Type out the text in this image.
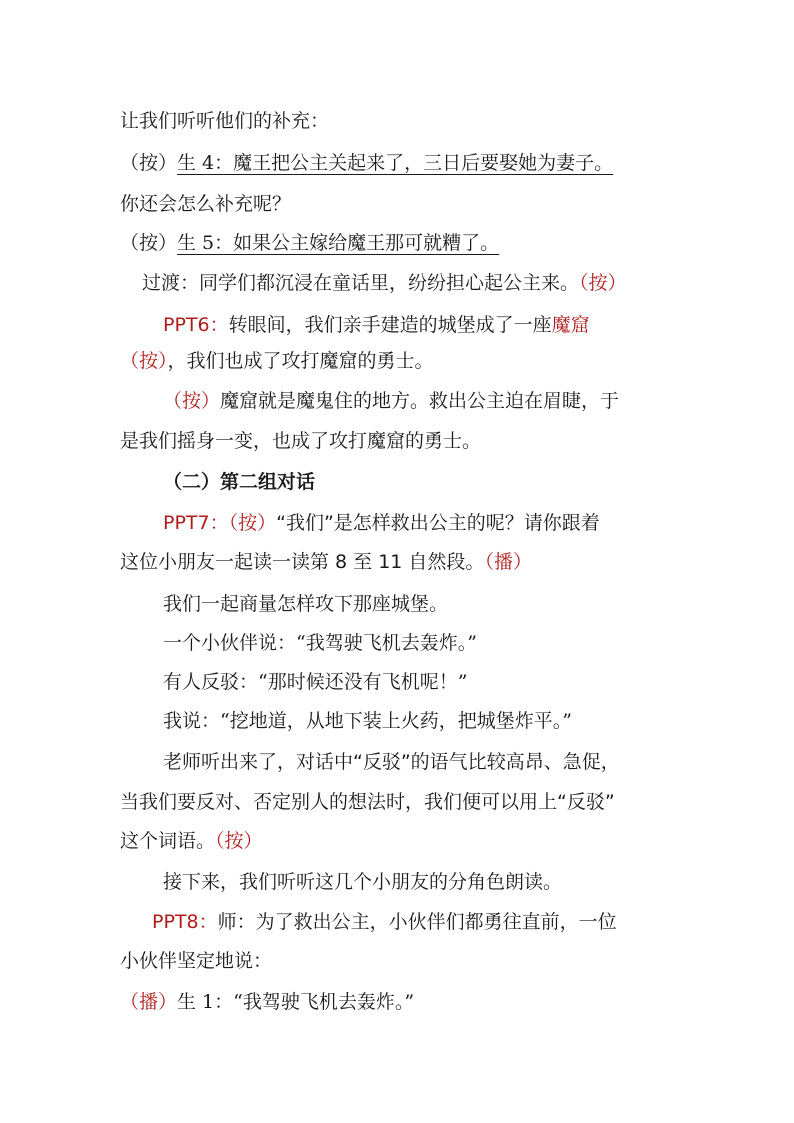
让我们听听他们的补充：
（按）生 4：魔王把公主关起来了，三日后要娶她为妻子。
你还会怎么补充呢？
（按）生 5：如果公主嫁给魔王那可就糟了。
过渡：同学们都沉浸在童话里，纷纷担心起公主来。（按）
PPT6：转眼间，我们亲手建造的城堡成了一座魔窟
（按），我们也成了攻打魔窟的勇士。
（按）魔窟就是魔鬼住的地方。救出公主迫在眉睫，于
是我们摇身一变，也成了攻打魔窟的勇士。
（二）第二组对话
PPT7：（按）“我们”是怎样救出公主的呢？请你跟着
这位小朋友一起读一读第 8 至 11 自然段。（播）
我们一起商量怎样攻下那座城堡。
一个小伙伴说：“我驾驶飞机去轰炸。”
有人反驳：“那时候还没有飞机呢！”
我说：“挖地道，从地下装上火药，把城堡炸平。”
老师听出来了，对话中“反驳”的语气比较高昂、急促，
当我们要反对、否定别人的想法时，我们便可以用上“反驳”
这个词语。（按）
接下来，我们听听这几个小朋友的分角色朗读。
PPT8：师：为了救出公主，小伙伴们都勇往直前，一位
小伙伴坚定地说：
（播）生 1：“我驾驶飞机去轰炸。”
